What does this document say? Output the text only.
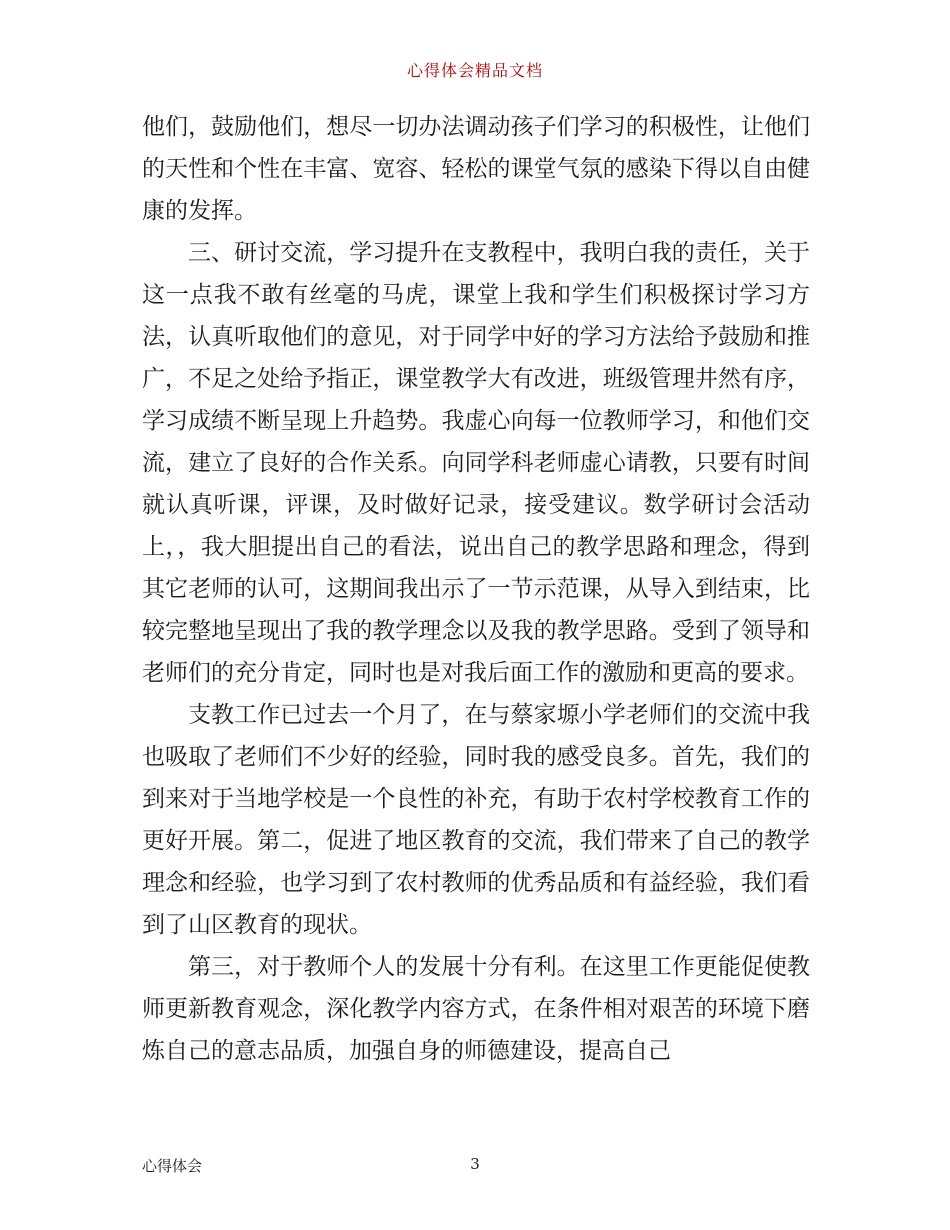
心得体会精品文档

他们，鼓励他们，想尽一切办法调动孩子们学习的积极性，让他们的天性和个性在丰富、宽容、轻松的课堂气氛的感染下得以自由健康的发挥。

三、研讨交流，学习提升在支教程中，我明白我的责任，关于这一点我不敢有丝毫的马虎，课堂上我和学生们积极探讨学习方法，认真听取他们的意见，对于同学中好的学习方法给予鼓励和推广，不足之处给予指正，课堂教学大有改进，班级管理井然有序，学习成绩不断呈现上升趋势。我虚心向每一位教师学习，和他们交流，建立了良好的合作关系。向同学科老师虚心请教，只要有时间就认真听课，评课，及时做好记录，接受建议。数学研讨会活动上，，我大胆提出自己的看法，说出自己的教学思路和理念，得到其它老师的认可，这期间我出示了一节示范课，从导入到结束，比较完整地呈现出了我的教学理念以及我的教学思路。受到了领导和老师们的充分肯定，同时也是对我后面工作的激励和更高的要求。

支教工作已过去一个月了，在与蔡家塬小学老师们的交流中我也吸取了老师们不少好的经验，同时我的感受良多。首先，我们的到来对于当地学校是一个良性的补充，有助于农村学校教育工作的更好开展。第二，促进了地区教育的交流，我们带来了自己的教学理念和经验，也学习到了农村教师的优秀品质和有益经验，我们看到了山区教育的现状。

第三，对于教师个人的发展十分有利。在这里工作更能促使教师更新教育观念，深化教学内容方式，在条件相对艰苦的环境下磨炼自己的意志品质，加强自身的师德建设，提高自己

心得体会	3
